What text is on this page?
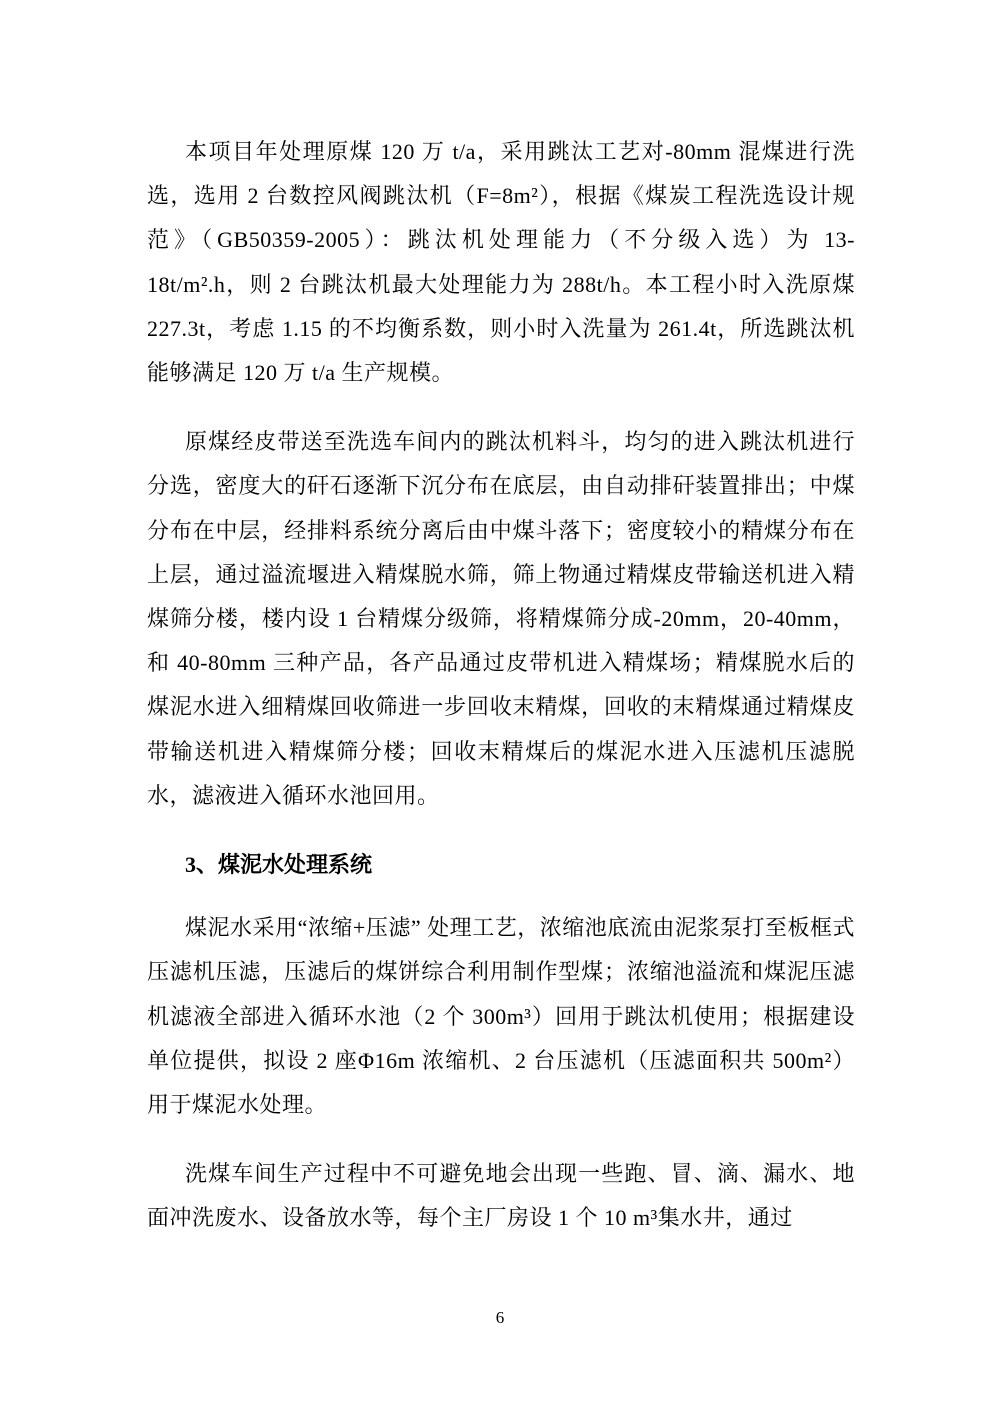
本项目年处理原煤 120 万 t/a，采用跳汰工艺对-80mm 混煤进行洗选，选用 2 台数控风阀跳汰机（F=8m²），根据《煤炭工程洗选设计规范》（GB50359-2005）：跳汰机处理能力（不分级入选）为 13-18t/m².h，则 2 台跳汰机最大处理能力为 288t/h。本工程小时入洗原煤 227.3t，考虑 1.15 的不均衡系数，则小时入洗量为 261.4t，所选跳汰机能够满足 120 万 t/a 生产规模。

原煤经皮带送至洗选车间内的跳汰机料斗，均匀的进入跳汰机进行分选，密度大的矸石逐渐下沉分布在底层，由自动排矸装置排出；中煤分布在中层，经排料系统分离后由中煤斗落下；密度较小的精煤分布在上层，通过溢流堰进入精煤脱水筛，筛上物通过精煤皮带输送机进入精煤筛分楼，楼内设 1 台精煤分级筛，将精煤筛分成-20mm，20-40mm，和 40-80mm 三种产品，各产品通过皮带机进入精煤场；精煤脱水后的煤泥水进入细精煤回收筛进一步回收末精煤，回收的末精煤通过精煤皮带输送机进入精煤筛分楼；回收末精煤后的煤泥水进入压滤机压滤脱水，滤液进入循环水池回用。

3、煤泥水处理系统

煤泥水采用“浓缩+压滤” 处理工艺，浓缩池底流由泥浆泵打至板框式压滤机压滤，压滤后的煤饼综合利用制作型煤；浓缩池溢流和煤泥压滤机滤液全部进入循环水池（2 个 300m³）回用于跳汰机使用；根据建设单位提供，拟设 2 座Φ16m 浓缩机、2 台压滤机（压滤面积共 500m²）用于煤泥水处理。

洗煤车间生产过程中不可避免地会出现一些跑、冒、滴、漏水、地面冲洗废水、设备放水等，每个主厂房设 1 个 10 m³集水井，通过

6
